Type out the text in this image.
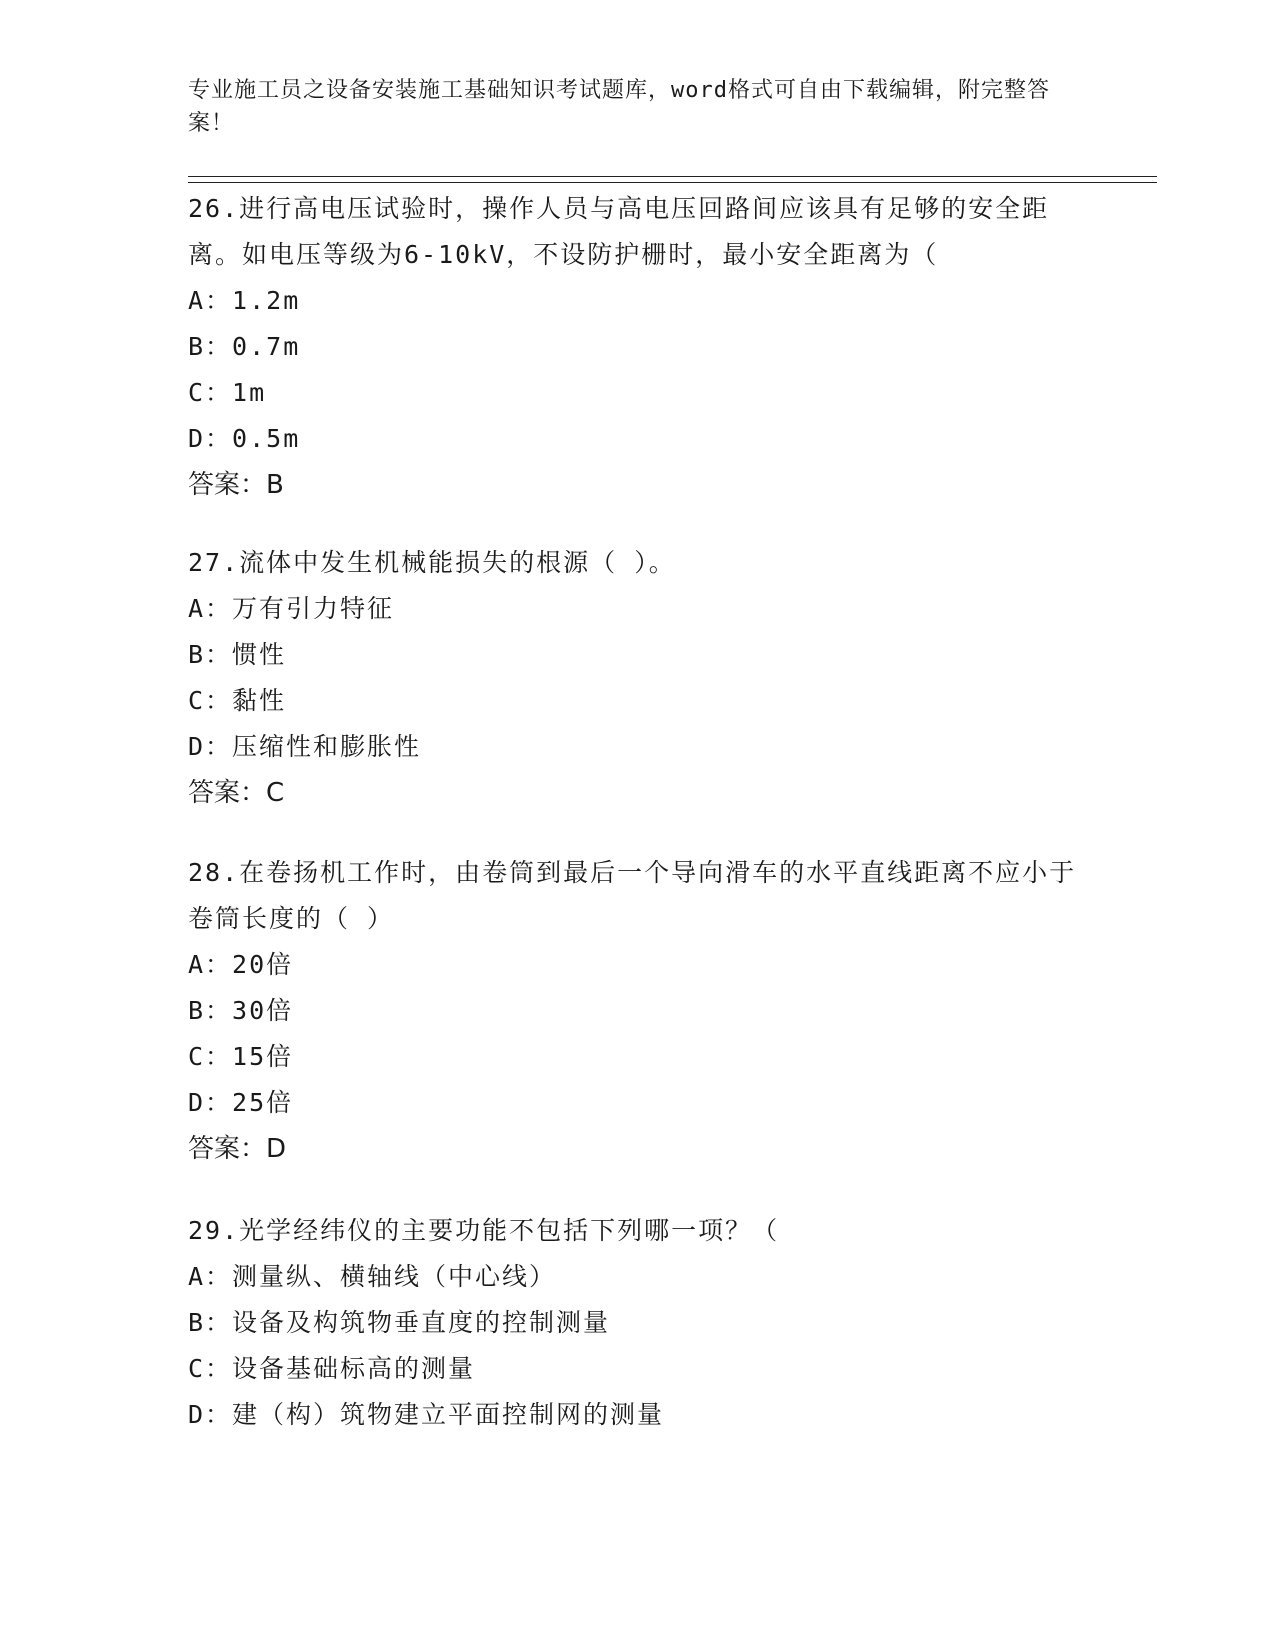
专业施工员之设备安装施工基础知识考试题库，word格式可自由下载编辑，附完整答案！

26.进行高电压试验时，操作人员与高电压回路间应该具有足够的安全距离。如电压等级为6-10kV，不设防护栅时，最小安全距离为（

A：1.2m

B：0.7m

C：1m

D：0.5m

答案：B

27.流体中发生机械能损失的根源（ ）。

A：万有引力特征

B：惯性

C：黏性

D：压缩性和膨胀性

答案：C

28.在卷扬机工作时，由卷筒到最后一个导向滑车的水平直线距离不应小于卷筒长度的（ ）

A：20倍

B：30倍

C：15倍

D：25倍

答案：D

29.光学经纬仪的主要功能不包括下列哪一项？（

A：测量纵、横轴线（中心线）

B：设备及构筑物垂直度的控制测量

C：设备基础标高的测量

D：建（构）筑物建立平面控制网的测量
